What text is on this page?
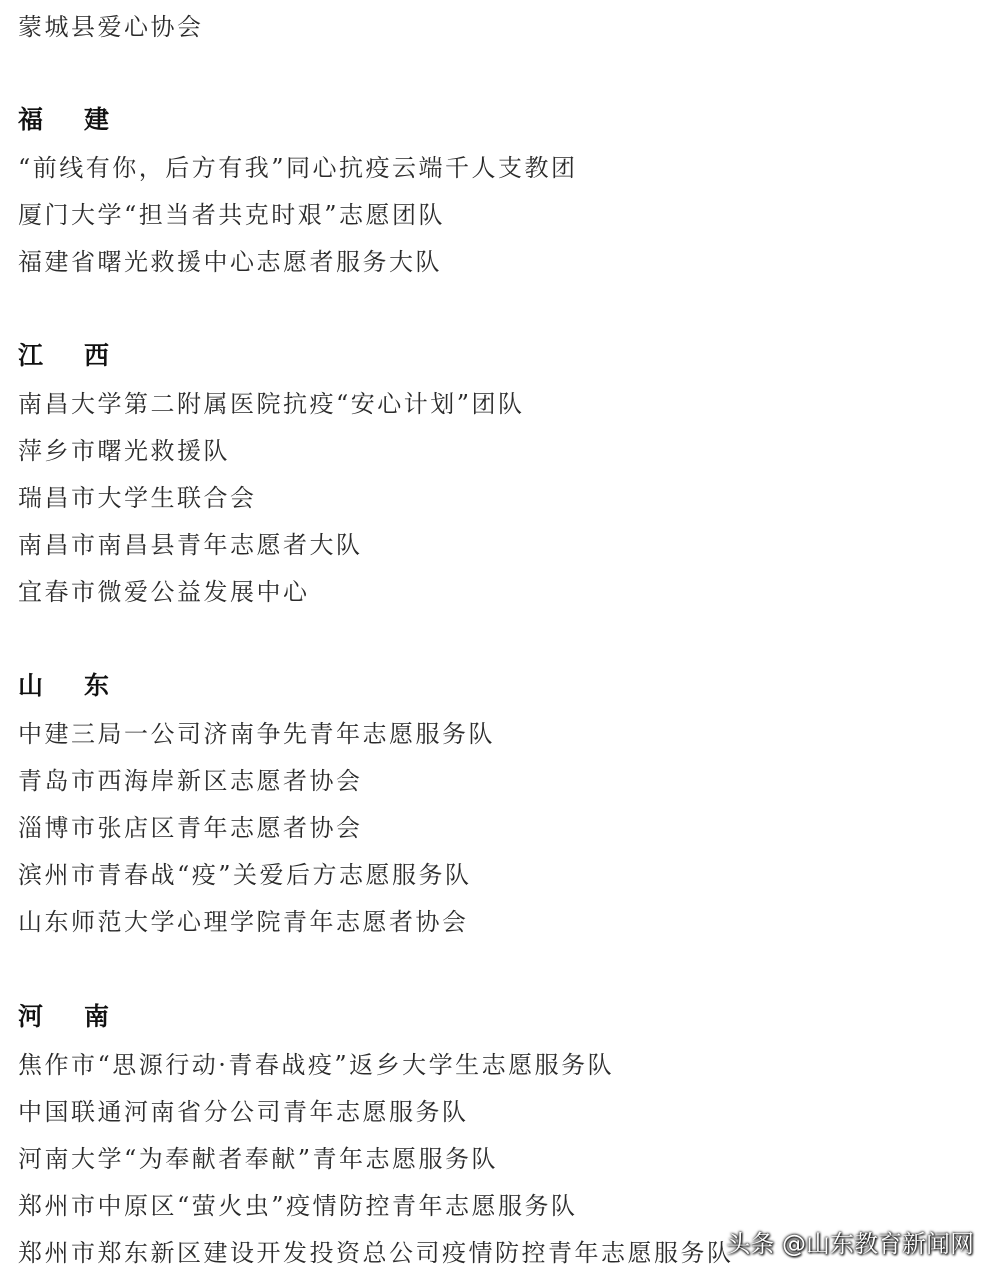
蒙城县爱心协会
福 建
“前线有你，后方有我”同心抗疫云端千人支教团
厦门大学“担当者共克时艰”志愿团队
福建省曙光救援中心志愿者服务大队
江 西
南昌大学第二附属医院抗疫“安心计划”团队
萍乡市曙光救援队
瑞昌市大学生联合会
南昌市南昌县青年志愿者大队
宜春市微爱公益发展中心
山 东
中建三局一公司济南争先青年志愿服务队
青岛市西海岸新区志愿者协会
淄博市张店区青年志愿者协会
滨州市青春战“疫”关爱后方志愿服务队
山东师范大学心理学院青年志愿者协会
河 南
焦作市“思源行动·青春战疫”返乡大学生志愿服务队
中国联通河南省分公司青年志愿服务队
河南大学“为奉献者奉献”青年志愿服务队
郑州市中原区“萤火虫”疫情防控青年志愿服务队
郑州市郑东新区建设开发投资总公司疫情防控青年志愿服务队
头条 @山东教育新闻网
